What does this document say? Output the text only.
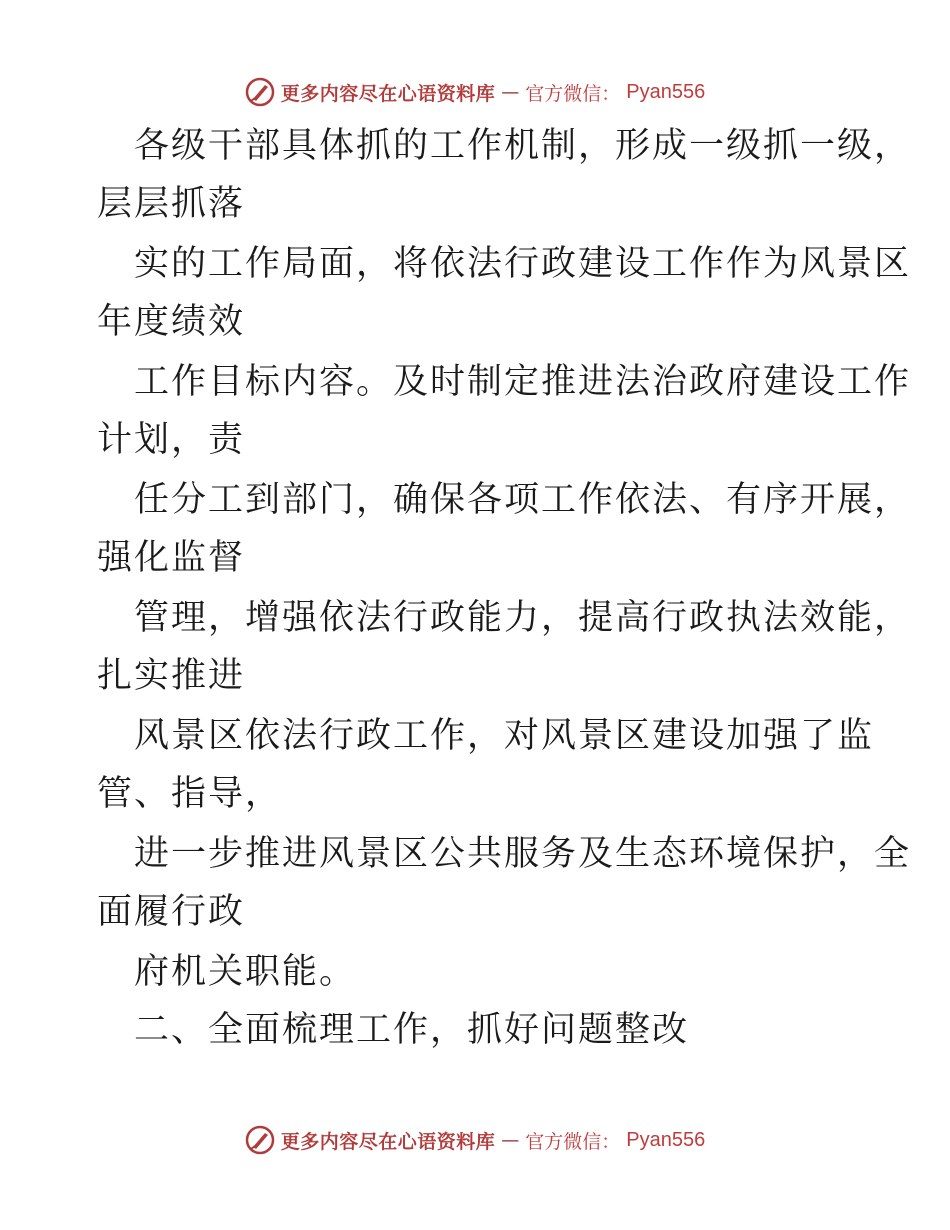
更多内容尽在心语资料库 — 官方微信： Pyan556
各级干部具体抓的工作机制，形成一级抓一级，
层层抓落
实的工作局面，将依法行政建设工作作为风景区
年度绩效
工作目标内容。及时制定推进法治政府建设工作
计划，责
任分工到部门，确保各项工作依法、有序开展，
强化监督
管理，增强依法行政能力，提高行政执法效能，
扎实推进
风景区依法行政工作，对风景区建设加强了监
管、指导，
进一步推进风景区公共服务及生态环境保护，全
面履行政
府机关职能。
二、全面梳理工作，抓好问题整改
更多内容尽在心语资料库 — 官方微信： Pyan556
